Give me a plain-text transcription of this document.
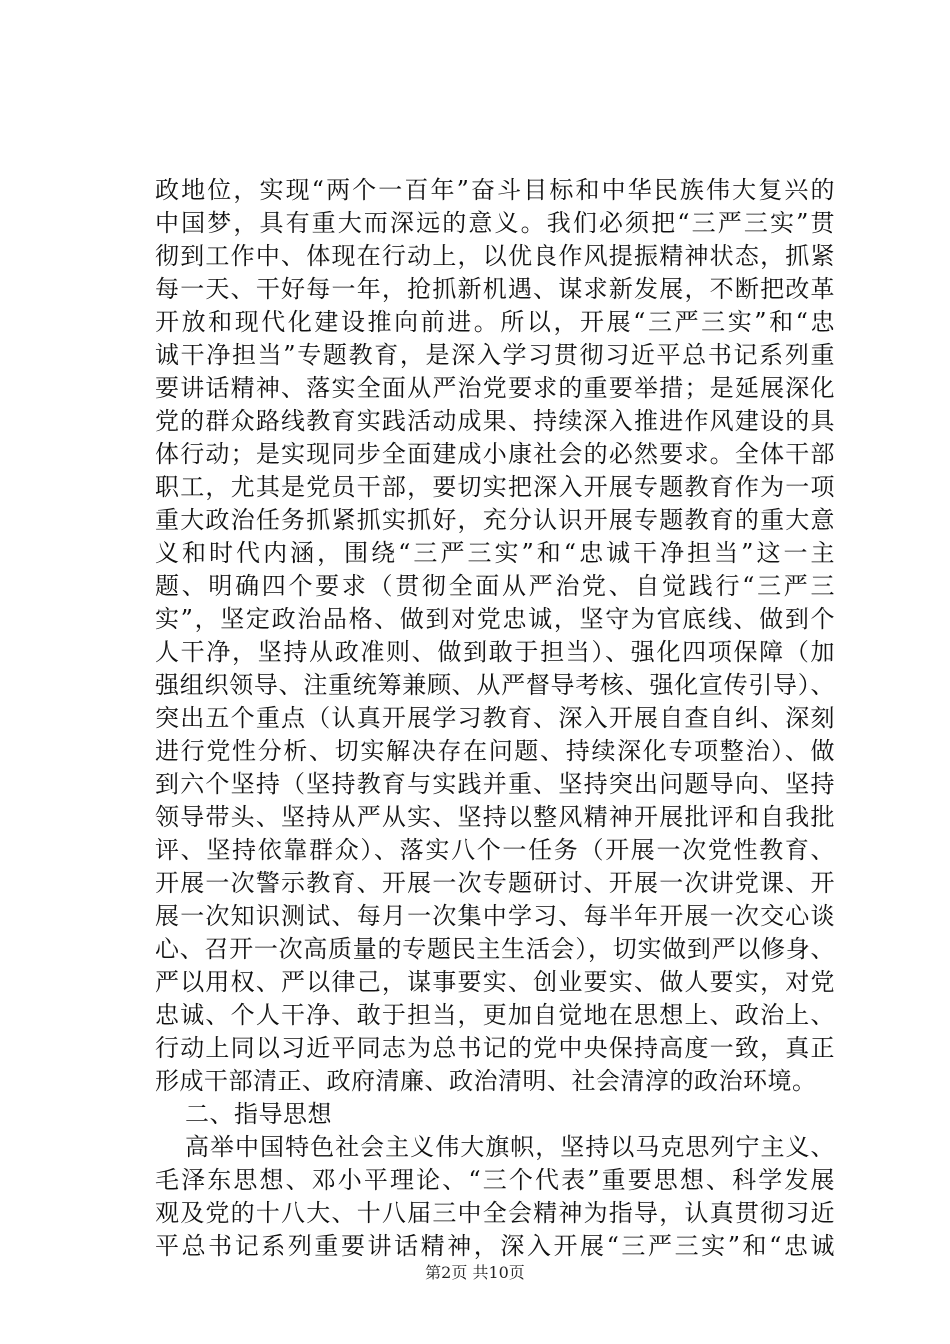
政地位，实现“两个一百年”奋斗目标和中华民族伟大复兴的
中国梦，具有重大而深远的意义。我们必须把“三严三实”贯
彻到工作中、体现在行动上，以优良作风提振精神状态，抓紧
每一天、干好每一年，抢抓新机遇、谋求新发展，不断把改革
开放和现代化建设推向前进。所以，开展“三严三实”和“忠
诚干净担当”专题教育，是深入学习贯彻习近平总书记系列重
要讲话精神、落实全面从严治党要求的重要举措；是延展深化
党的群众路线教育实践活动成果、持续深入推进作风建设的具
体行动；是实现同步全面建成小康社会的必然要求。全体干部
职工，尤其是党员干部，要切实把深入开展专题教育作为一项
重大政治任务抓紧抓实抓好，充分认识开展专题教育的重大意
义和时代内涵，围绕“三严三实”和“忠诚干净担当”这一主
题、明确四个要求（贯彻全面从严治党、自觉践行“三严三
实”，坚定政治品格、做到对党忠诚，坚守为官底线、做到个
人干净，坚持从政准则、做到敢于担当）、强化四项保障（加
强组织领导、注重统筹兼顾、从严督导考核、强化宣传引导）、
突出五个重点（认真开展学习教育、深入开展自查自纠、深刻
进行党性分析、切实解决存在问题、持续深化专项整治）、做
到六个坚持（坚持教育与实践并重、坚持突出问题导向、坚持
领导带头、坚持从严从实、坚持以整风精神开展批评和自我批
评、坚持依靠群众）、落实八个一任务（开展一次党性教育、
开展一次警示教育、开展一次专题研讨、开展一次讲党课、开
展一次知识测试、每月一次集中学习、每半年开展一次交心谈
心、召开一次高质量的专题民主生活会），切实做到严以修身、
严以用权、严以律己，谋事要实、创业要实、做人要实，对党
忠诚、个人干净、敢于担当，更加自觉地在思想上、政治上、
行动上同以习近平同志为总书记的党中央保持高度一致，真正
形成干部清正、政府清廉、政治清明、社会清淳的政治环境。
二、指导思想
高举中国特色社会主义伟大旗帜，坚持以马克思列宁主义、
毛泽东思想、邓小平理论、“三个代表”重要思想、科学发展
观及党的十八大、十八届三中全会精神为指导，认真贯彻习近
平总书记系列重要讲话精神，深入开展“三严三实”和“忠诚
第2页 共10页
